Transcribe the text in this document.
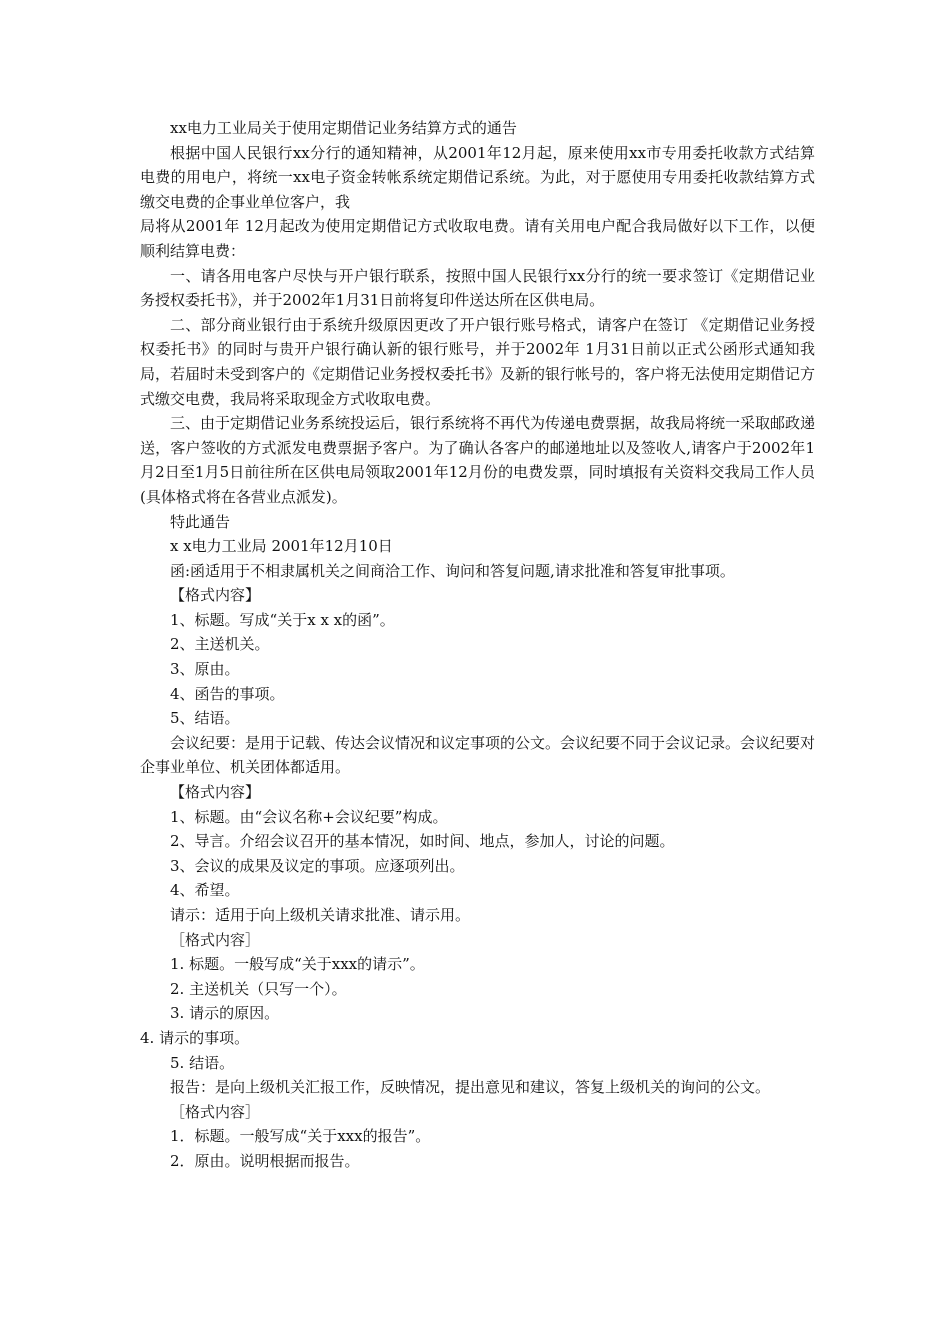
xx电力工业局关于使用定期借记业务结算方式的通告

根据中国人民银行xx分行的通知精神，从2001年12月起，原来使用xx市专用委托收款方式结算电费的用电户，将统一xx电子资金转帐系统定期借记系统。为此，对于愿使用专用委托收款结算方式缴交电费的企事业单位客户，我

局将从2001年 12月起改为使用定期借记方式收取电费。请有关用电户配合我局做好以下工作，以便顺利结算电费：

一、请各用电客户尽快与开户银行联系，按照中国人民银行xx分行的统一要求签订《定期借记业务授权委托书》，并于2002年1月31日前将复印件送达所在区供电局。

二、部分商业银行由于系统升级原因更改了开户银行账号格式，请客户在签订 《定期借记业务授权委托书》的同时与贵开户银行确认新的银行账号，并于2002年 1月31日前以正式公函形式通知我局，若届时未受到客户的《定期借记业务授权委托书》及新的银行帐号的，客户将无法使用定期借记方式缴交电费，我局将采取现金方式收取电费。

三、由于定期借记业务系统投运后，银行系统将不再代为传递电费票据，故我局将统一采取邮政递送，客户签收的方式派发电费票据予客户。为了确认各客户的邮递地址以及签收人,请客户于2002年1月2日至1月5日前往所在区供电局领取2001年12月份的电费发票，同时填报有关资料交我局工作人员 (具体格式将在各营业点派发)。

特此通告

x x电力工业局 2001年12月10日

函:函适用于不相隶属机关之间商洽工作、询问和答复问题,请求批准和答复审批事项。

【格式内容】

1、标题。写成“关于x x x的函”。

2、主送机关。

3、原由。

4、函告的事项。

5、结语。

会议纪要：是用于记载、传达会议情况和议定事项的公文。会议纪要不同于会议记录。会议纪要对企事业单位、机关团体都适用。

【格式内容】

1、标题。由“会议名称+会议纪要”构成。

2、导言。介绍会议召开的基本情况，如时间、地点，参加人，讨论的问题。

3、会议的成果及议定的事项。应逐项列出。

4、希望。

请示：适用于向上级机关请求批准、请示用。

［格式内容］

1. 标题。一般写成“关于xxx的请示”。

2. 主送机关（只写一个）。

3. 请示的原因。

4. 请示的事项。

5. 结语。

报告：是向上级机关汇报工作，反映情况，提出意见和建议，答复上级机关的询问的公文。

［格式内容］

1．标题。一般写成“关于xxx的报告”。

2．原由。说明根据而报告。
